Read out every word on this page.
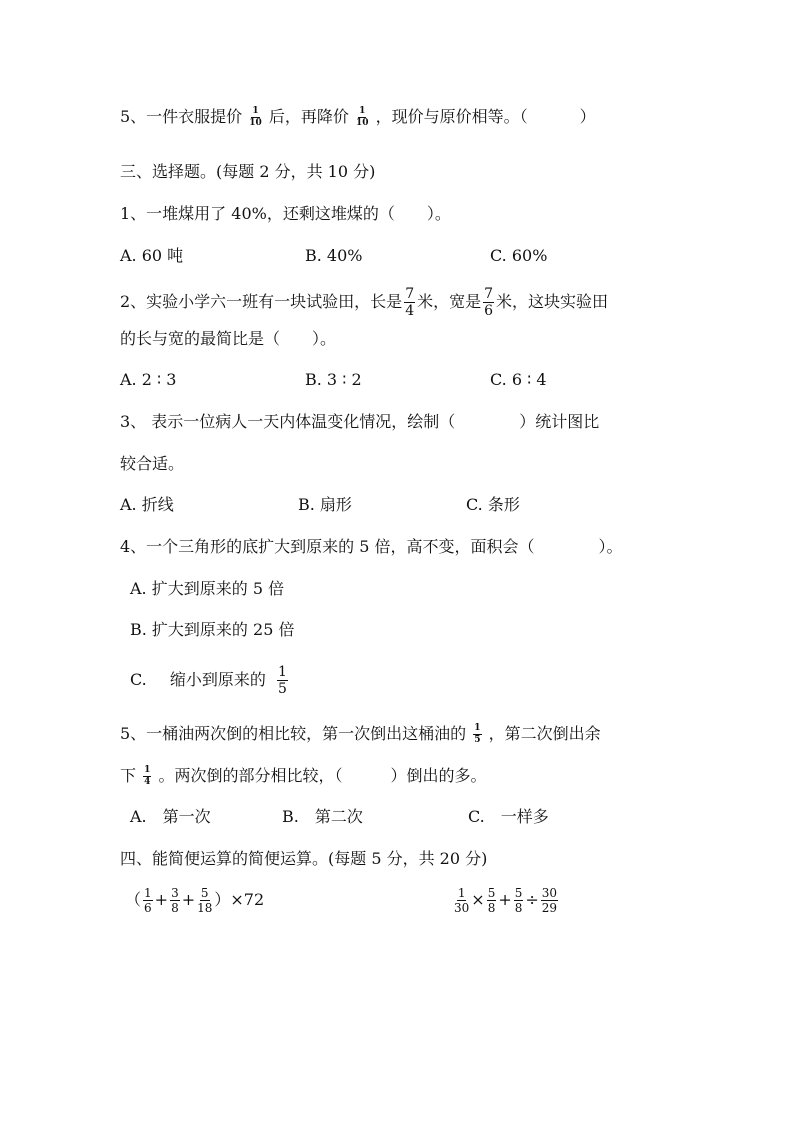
5、一件衣服提价 $\frac{1}{10}$ 后，再降价 $\frac{1}{10}$ ，现价与原价相等。（	）
三、选择题。(每题 2 分，共 10 分)
1、一堆煤用了 40%，还剩这堆煤的（　　）。
A. 60 吨	B. 40%	C. 60%
2、实验小学六一班有一块试验田，长是 $\frac{7}{4}$ 米，宽是 $\frac{7}{6}$ 米，这块实验田
的长与宽的最简比是（　　）。
A. 2 ∶ 3	B. 3 ∶ 2	C. 6 ∶ 4
3、 表示一位病人一天内体温变化情况，绘制（　　　　）统计图比
较合适。
A. 折线	B. 扇形	C. 条形
4、一个三角形的底扩大到原来的 5 倍，高不变，面积会（　　　　）。
A. 扩大到原来的 5 倍
B. 扩大到原来的 25 倍
C. 缩小到原来的 $\frac{1}{5}$
5、一桶油两次倒的相比较，第一次倒出这桶油的 $\frac{1}{5}$ ，第二次倒出余
下 $\frac{1}{4}$ 。两次倒的部分相比较，（　　　）倒出的多。
A.　第一次	B.　第二次	C.　一样多
四、能简便运算的简便运算。(每题 5 分，共 20 分)
（ $\frac{1}{6} + \frac{3}{8} + \frac{5}{18} )\times 72$	$\frac{1}{30} \times \frac{5}{8} + \frac{5}{8} \div \frac{30}{29}$
